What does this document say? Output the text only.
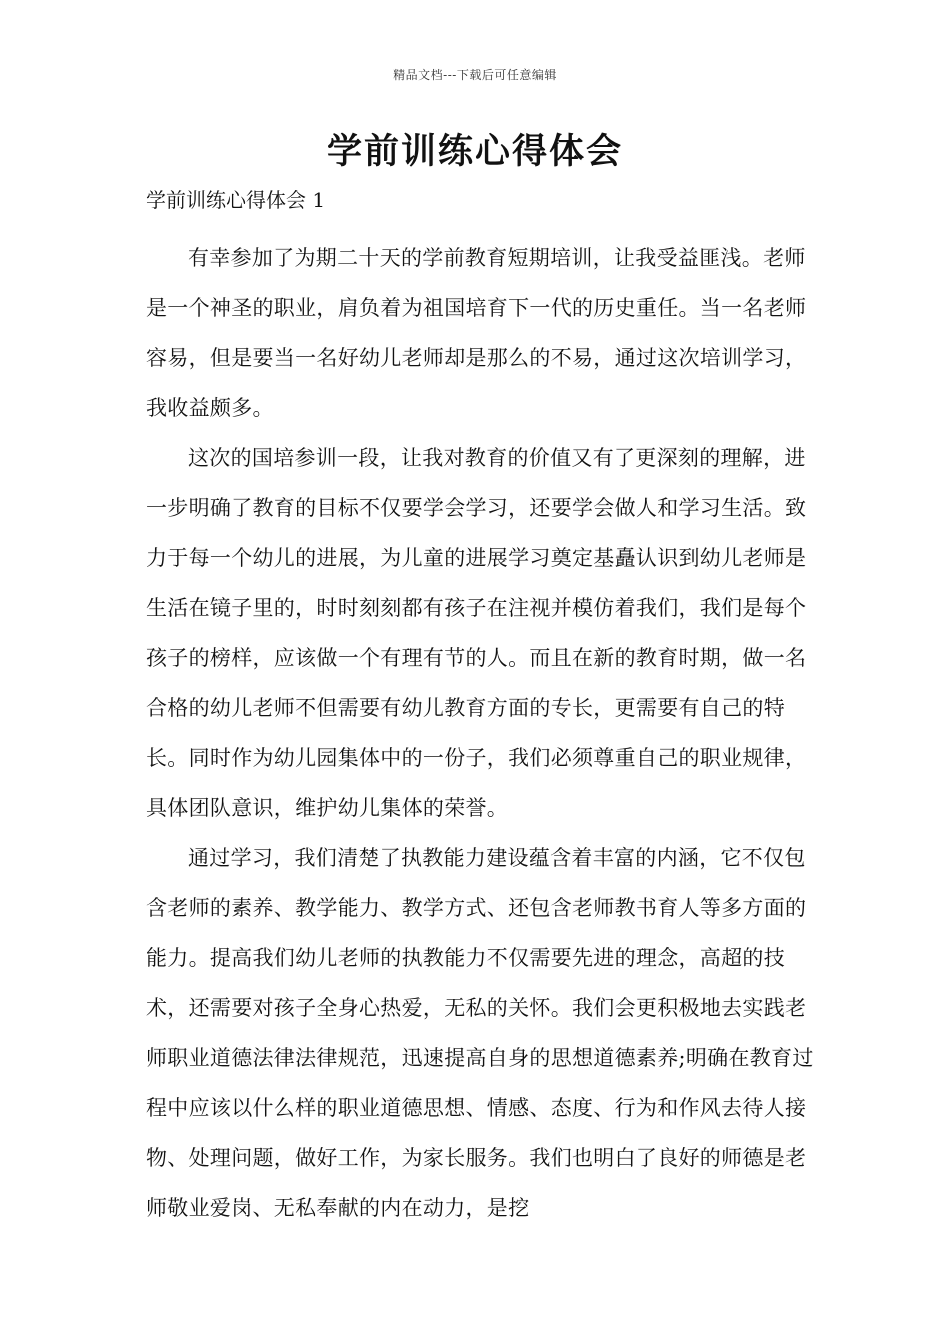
精品文档---下载后可任意编辑
学前训练心得体会
学前训练心得体会 1

有幸参加了为期二十天的学前教育短期培训，让我受益匪浅。老师是一个神圣的职业，肩负着为祖国培育下一代的历史重任。当一名老师容易，但是要当一名好幼儿老师却是那么的不易，通过这次培训学习，我收益颇多。

这次的国培参训一段，让我对教育的价值又有了更深刻的理解，进一步明确了教育的目标不仅要学会学习，还要学会做人和学习生活。致力于每一个幼儿的进展，为儿童的进展学习奠定基矗认识到幼儿老师是生活在镜子里的，时时刻刻都有孩子在注视并模仿着我们，我们是每个孩子的榜样，应该做一个有理有节的人。而且在新的教育时期，做一名合格的幼儿老师不但需要有幼儿教育方面的专长，更需要有自己的特长。同时作为幼儿园集体中的一份子，我们必须尊重自己的职业规律，具体团队意识，维护幼儿集体的荣誉。

通过学习，我们清楚了执教能力建设蕴含着丰富的内涵，它不仅包含老师的素养、教学能力、教学方式、还包含老师教书育人等多方面的能力。提高我们幼儿老师的执教能力不仅需要先进的理念，高超的技术，还需要对孩子全身心热爱，无私的关怀。我们会更积极地去实践老师职业道德法律法律规范，迅速提高自身的思想道德素养;明确在教育过程中应该以什么样的职业道德思想、情感、态度、行为和作风去待人接物、处理问题，做好工作，为家长服务。我们也明白了良好的师德是老师敬业爱岗、无私奉献的内在动力，是挖
